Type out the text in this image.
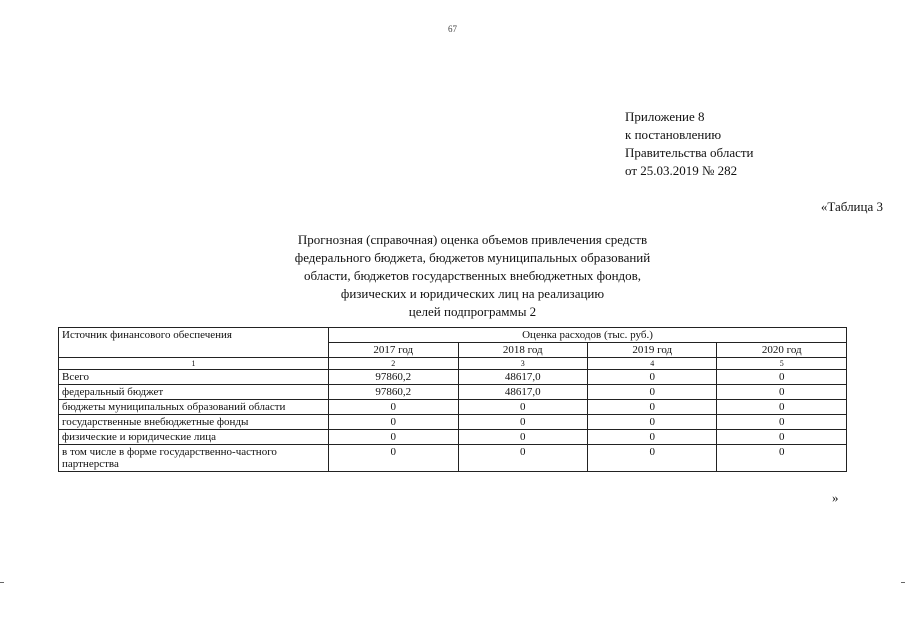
67
Приложение 8
к постановлению
Правительства области
от 25.03.2019 № 282
«Таблица 3
Прогнозная (справочная) оценка объемов привлечения средств
федерального бюджета, бюджетов муниципальных образований
области, бюджетов государственных внебюджетных фондов,
физических и юридических лиц на реализацию
целей подпрограммы 2
Источник финансового обеспечения	Оценка расходов (тыс. руб.)			
	2017 год	2018 год	2019 год	2020 год
1	2	3	4	5
Всего	97860,2	48617,0	0	0
федеральный бюджет	97860,2	48617,0	0	0
бюджеты муниципальных образований области	0	0	0	0
государственные внебюджетные фонды	0	0	0	0
физические и юридические лица	0	0	0	0
в том числе в форме государственно-частного партнерства	0	0	0	0
»
